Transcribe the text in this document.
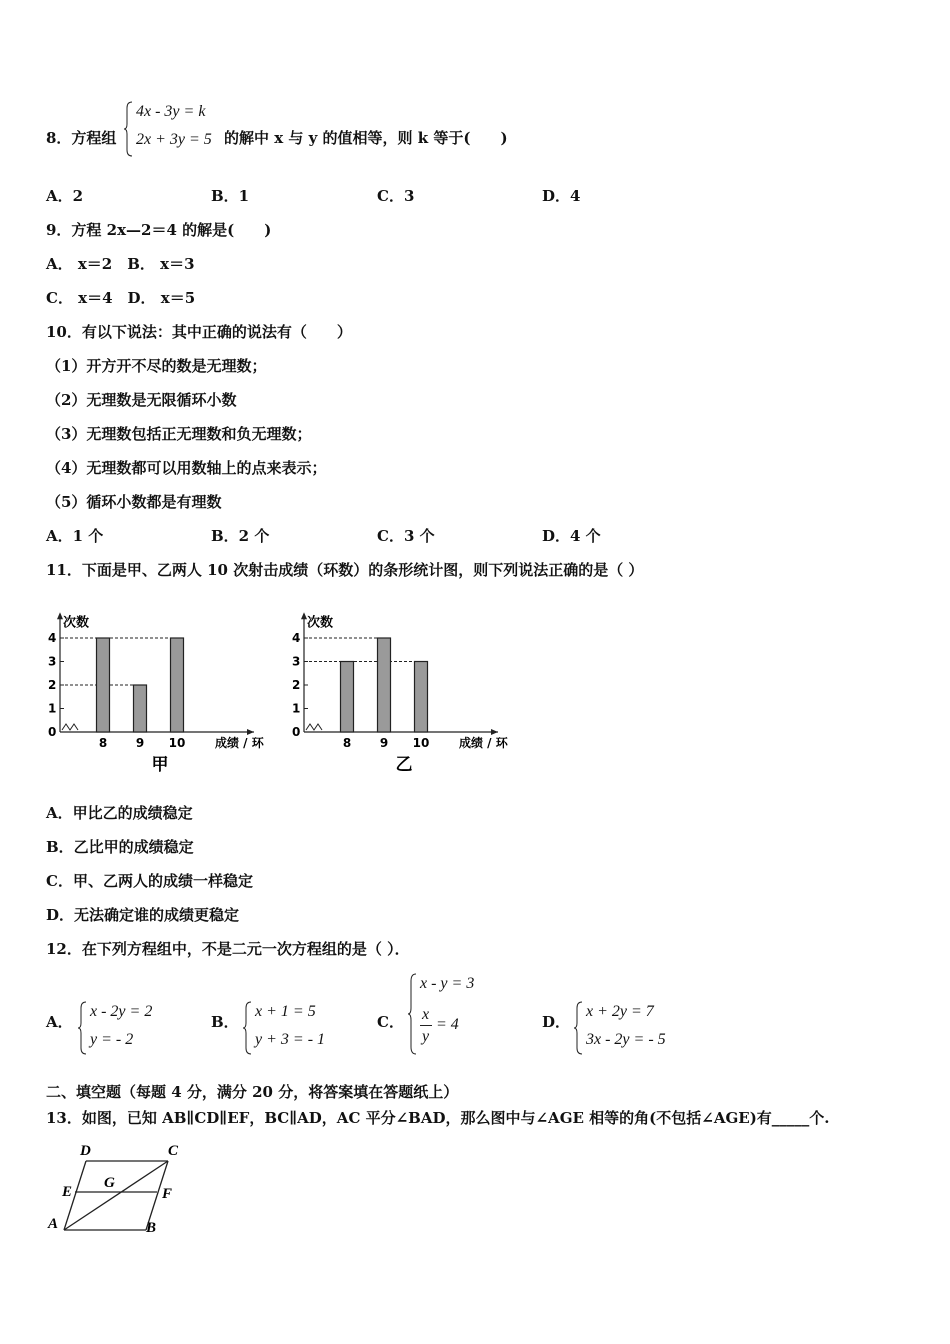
8．方程组
4x - 3y = k
2x + 3y = 5 的解中 x 与 y 的值相等，则 k 等于(　　)
A．2	B．1	C．3	D．4
9．方程 2x—2＝4 的解是(　　)
A． x＝2　B． x＝3
C． x＝4　D． x＝5
10．有以下说法：其中正确的说法有（　　）
（1）开方开不尽的数是无理数；
（2）无理数是无限循环小数
（3）无理数包括正无理数和负无理数；
（4）无理数都可以用数轴上的点来表示；
（5）循环小数都是有理数
A．1 个	B．2 个	C．3 个	D．4 个
11．下面是甲、乙两人 10 次射击成绩（环数）的条形统计图，则下列说法正确的是（ ）
次数
0
1
2
3
4
8 9 10 成绩 / 环
甲
次数
0
1
2
3
4
8 9 10 成绩 / 环
乙
A．甲比乙的成绩稳定
B．乙比甲的成绩稳定
C．甲、乙两人的成绩一样稳定
D．无法确定谁的成绩更稳定
12．在下列方程组中，不是二元一次方程组的是（ ）．
A．
x - 2y = 2
y = - 2
B．
x + 1 = 5
y + 3 = - 1
C．
x - y = 3
x
y
= 4	D．
x + 2y = 7
3x - 2y = - 5
二、填空题（每题 4 分，满分 20 分，将答案填在答题纸上）
13．如图，已知 AB∥CD∥EF，BC∥AD，AC 平分∠BAD，那么图中与∠AGE 相等的角(不包括∠AGE)有_____个.
D	C
E
G
F
A	B
